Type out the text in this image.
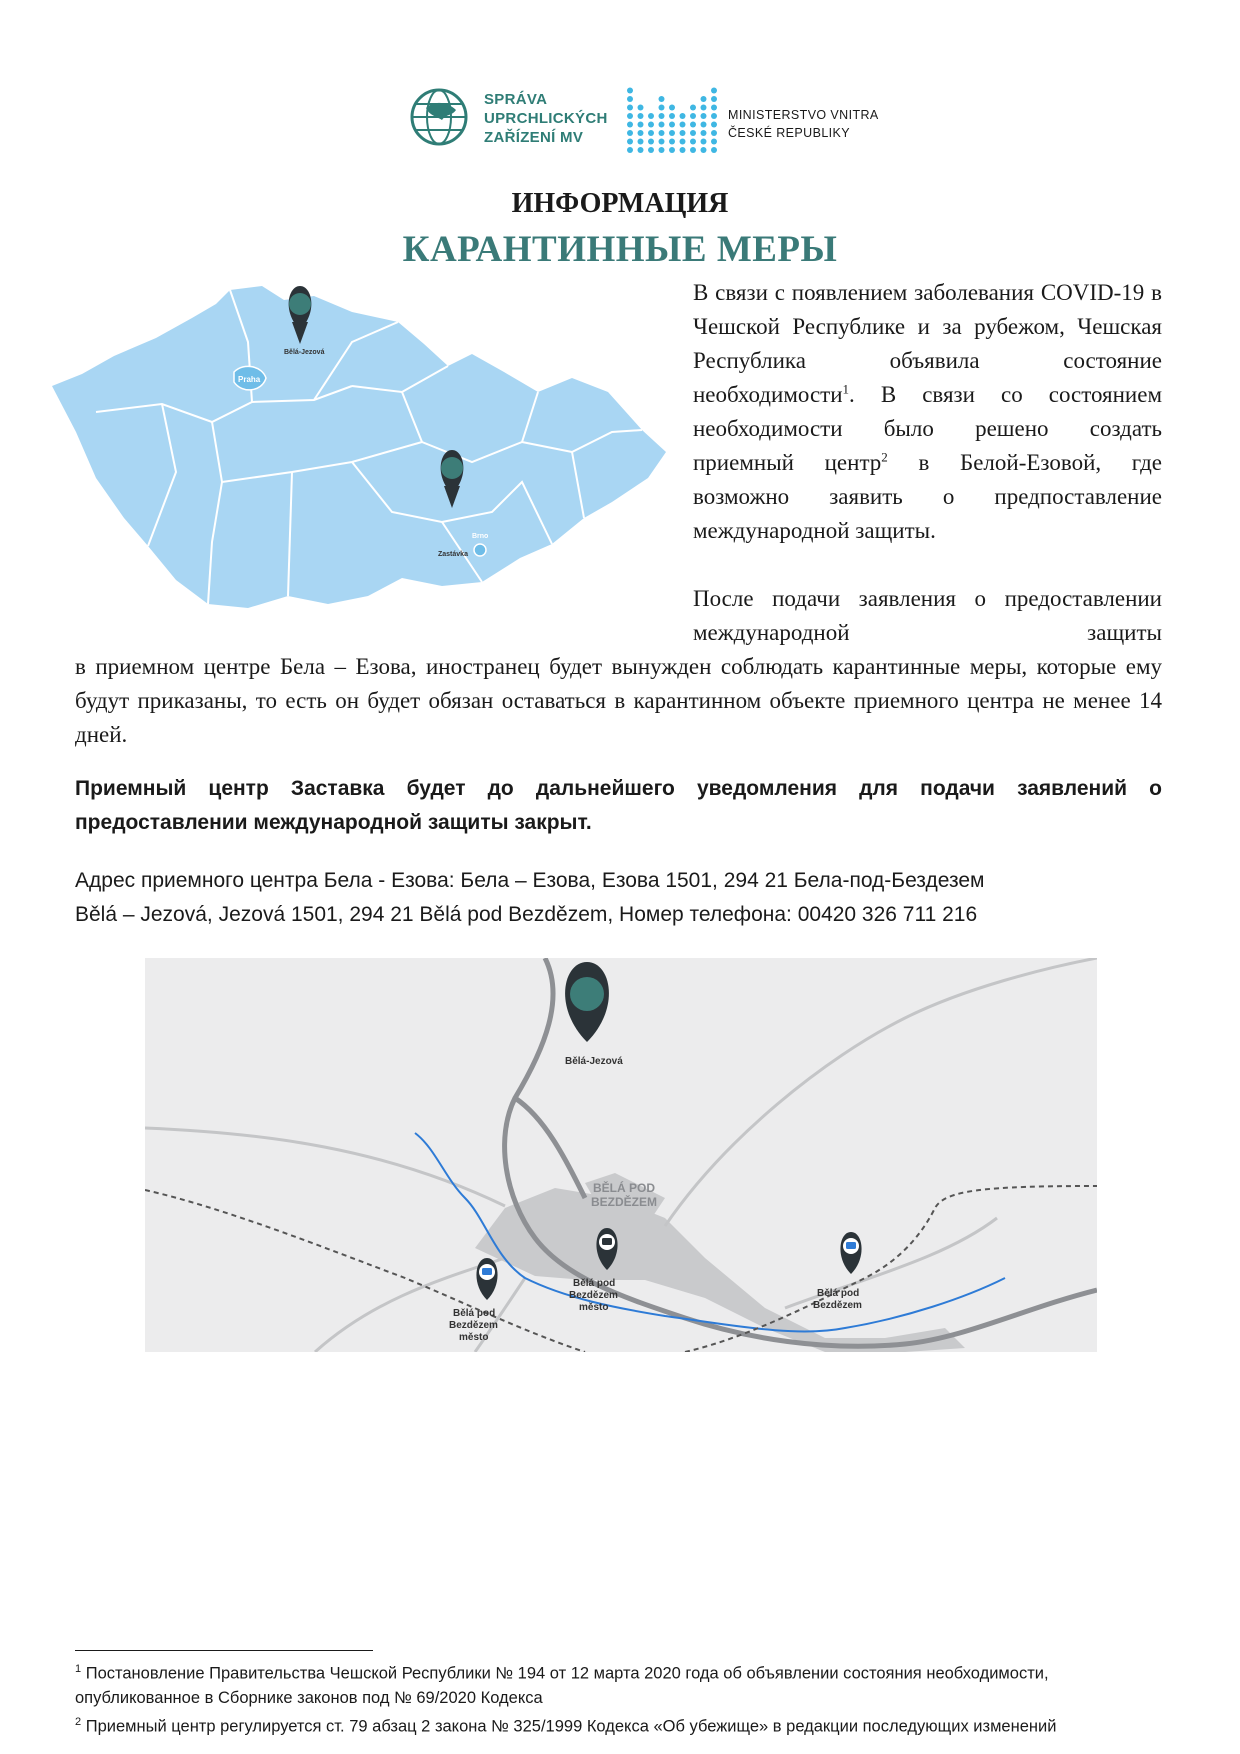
SPRÁVA
UPRCHLICKÝCH
ZAŘÍZENÍ MV
MINISTERSTVO VNITRA
ČESKÉ REPUBLIKY
ИНФОРМАЦИЯ
КАРАНТИННЫЕ МЕРЫ
Praha
Brno
Bělá-Jezová
Zastávka
В связи с появлением заболевания COVID-19 в Чешской Республике и за рубежом, Чешская Республика объявила состояние необходимости$^1$. В связи со состоянием необходимости было решено создать приемный центр$^2$ в Белой-Езовой, где возможно заявить о предпоставление международной защиты.
После подачи заявления о предоставлении международной защиты
в приемном центре Бела – Езова, иностранец будет вынужден соблюдать карантинные меры, которые ему будут приказаны, то есть он будет обязан оставаться в карантинном объекте приемного центра не менее 14 дней.
Приемный центр Заставка будет до дальнейшего уведомления для подачи заявлений о предоставлении международной защиты закрыт.
Адрес приемного центра Бела - Езова: Бела – Езова, Езова 1501, 294 21 Бела-под-Бездезем
Bělá – Jezová, Jezová 1501, 294 21 Bělá pod Bezdězem, Номер телефона: 00420 326 711 216
Bělá-Jezová
BĚLÁ POD
BEZDĚZEM
Bělá pod
Bezdězem
město
Bělá pod
Bezdězem
město
Bělá pod
Bezdězem
$^1$ Постановление Правительства Чешской Республики № 194 от 12 марта 2020 года об объявлении состояния необходимости, опубликованное в Сборнике законов под № 69/2020 Кодекса
$^2$ Приемный центр регулируется ст. 79 абзац 2 закона № 325/1999 Кодекса «Об убежище» в редакции последующих изменений
